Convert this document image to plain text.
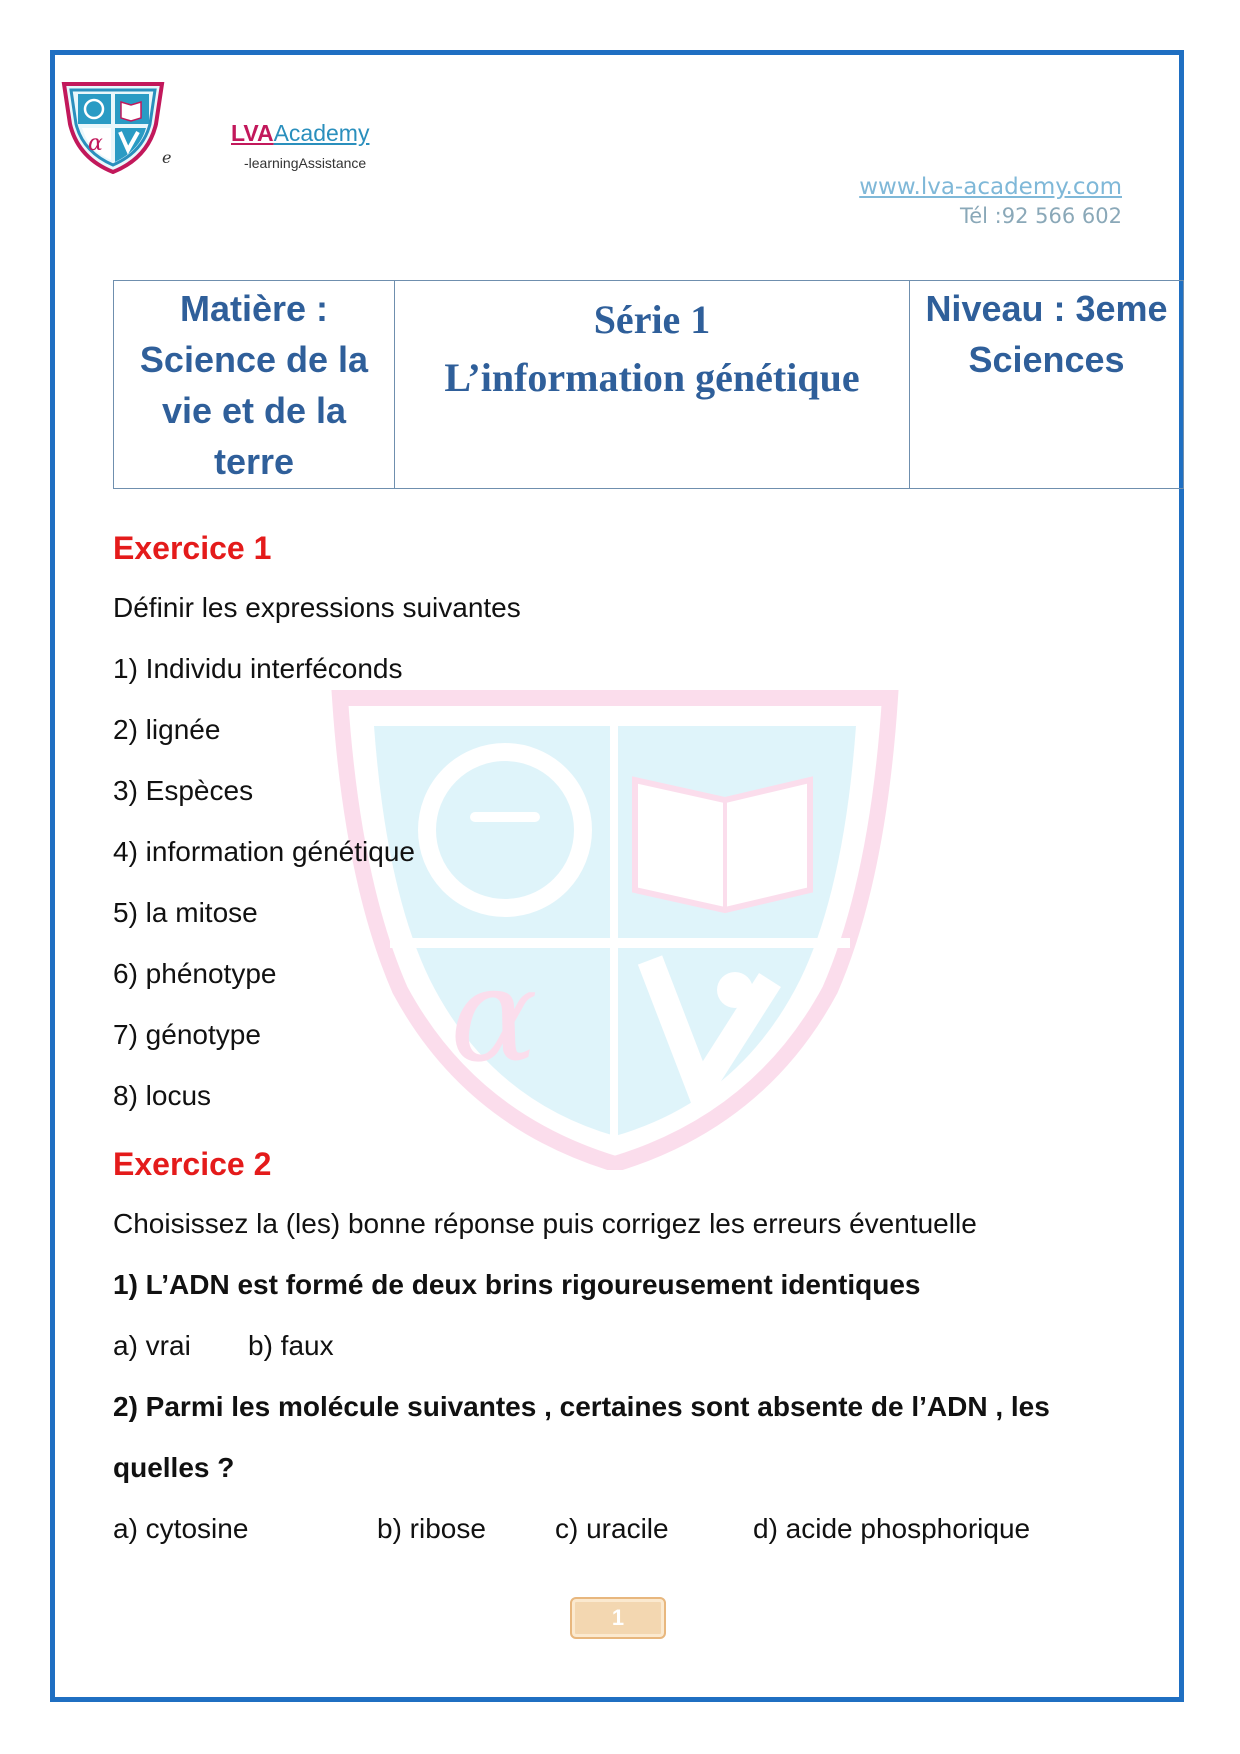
α
e
LVAAcademy
-learningAssistance
www.lva-academy.com
Tél :92 566 602
Matière :
Science de la
vie et de la
terre

Série 1
L’information génétique

Niveau : 3eme
Sciences
α
Exercice 1
Définir les expressions suivantes
1) Individu interféconds
2) lignée
3) Espèces
4) information génétique
5) la mitose
6) phénotype
7) génotype
8) locus
Exercice 2
Choisissez la (les) bonne réponse puis corrigez les erreurs éventuelle
1) L’ADN est formé de deux brins rigoureusement identiques
a) vrai b) faux
2) Parmi les molécule suivantes , certaines sont absente de l’ADN , les
quelles ?
a) cytosine	b) ribose c) uracile	d) acide phosphorique
1
